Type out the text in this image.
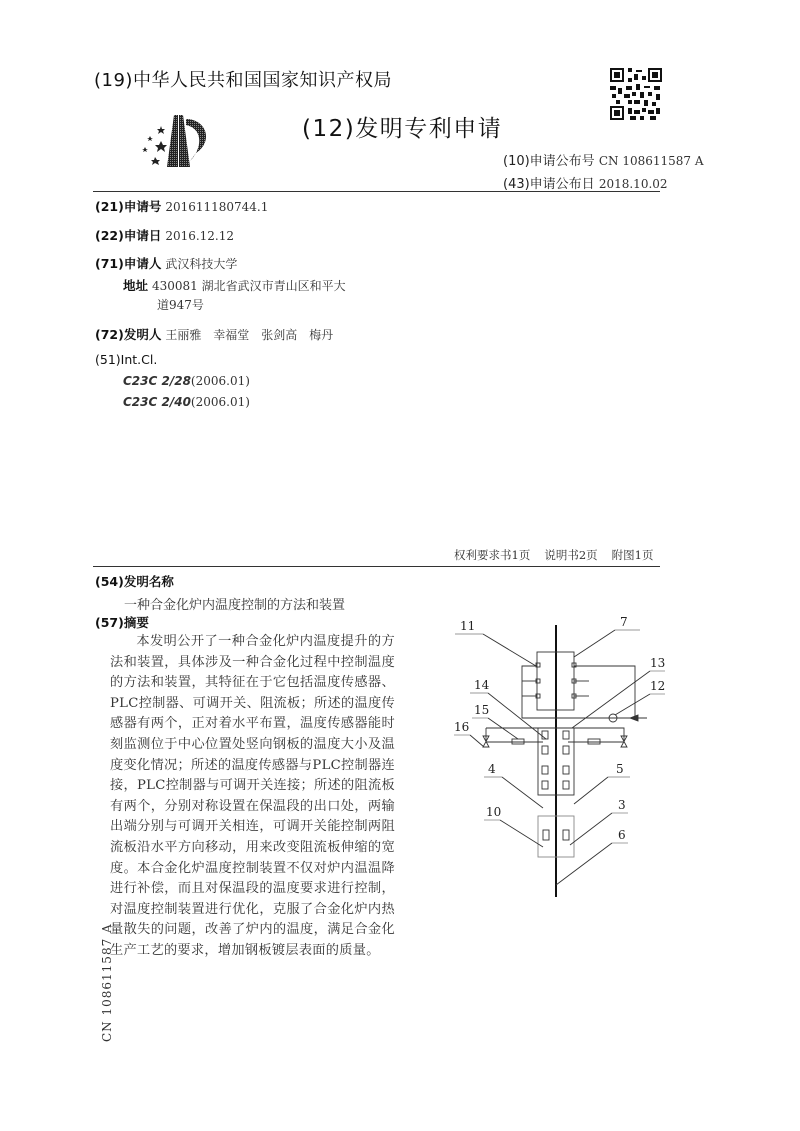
(19)中华人民共和国国家知识产权局
(12)发明专利申请
(10)申请公布号 CN 108611587 A
(43)申请公布日 2018.10.02
(21)申请号 201611180744.1
(22)申请日 2016.12.12
(71)申请人 武汉科技大学
地址 430081 湖北省武汉市青山区和平大
道947号
(72)发明人 王丽雅 幸福堂 张剑高 梅丹
(51)Int.Cl.
C23C 2/28(2006.01)
C23C 2/40(2006.01)
权利要求书1页 说明书2页 附图1页
(54)发明名称
一种合金化炉内温度控制的方法和装置
(57)摘要
本发明公开了一种合金化炉内温度提升的方法和装置，具体涉及一种合金化过程中控制温度的方法和装置，其特征在于它包括温度传感器、PLC控制器、可调开关、阻流板；所述的温度传感器有两个，正对着水平布置，温度传感器能时刻监测位于中心位置处竖向钢板的温度大小及温度变化情况；所述的温度传感器与PLC控制器连接，PLC控制器与可调开关连接；所述的阻流板有两个，分别对称设置在保温段的出口处，两输出端分别与可调开关相连，可调开关能控制两阻流板沿水平方向移动，用来改变阻流板伸缩的宽度。本合金化炉温度控制装置不仅对炉内温温降进行补偿，而且对保温段的温度要求进行控制，对温度控制装置进行优化，克服了合金化炉内热量散失的问题，改善了炉内的温度，满足合金化生产工艺的要求，增加钢板镀层表面的质量。
CN 108611587 A
11	7
13
12
14
15
16
4	5
10	3
6
